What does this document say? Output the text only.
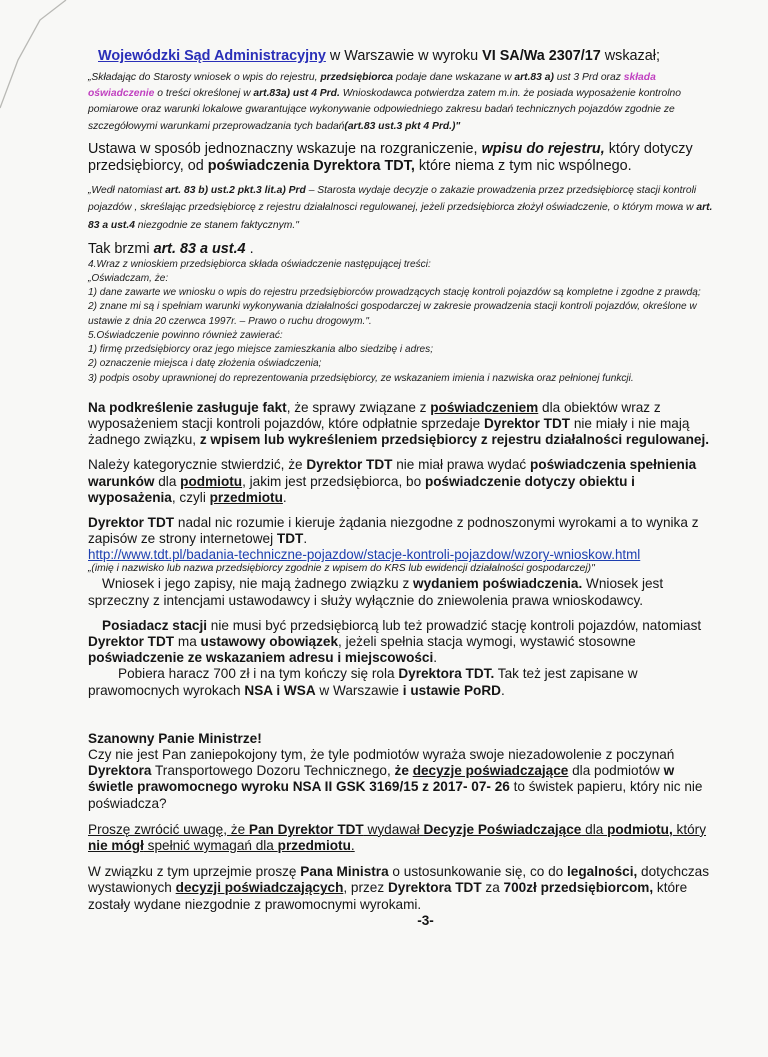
Wojewódzki Sąd Administracyjny w Warszawie w wyroku VI SA/Wa 2307/17 wskazał;

„Składając do Starosty wniosek o wpis do rejestru, przedsiębiorca podaje dane wskazane w art.83 a) ust 3 Prd oraz składa oświadczenie o treści określonej w art.83a) ust 4 Prd. Wnioskodawca potwierdza zatem m.in. że posiada wyposażenie kontrolno pomiarowe oraz warunki lokalowe gwarantujące wykonywanie odpowiedniego zakresu badań technicznych pojazdów zgodnie ze szczegółowymi warunkami przeprowadzania tych badań(art.83 ust.3 pkt 4 Prd.)"

Ustawa w sposób jednoznaczny wskazuje na rozgraniczenie, wpisu do rejestru, który dotyczy przedsiębiorcy, od poświadczenia Dyrektora TDT, które niema z tym nic wspólnego.

„Wedł natomiast art. 83 b) ust.2 pkt.3 lit.a) Prd – Starosta wydaje decyzje o zakazie prowadzenia przez przedsiębiorcę stacji kontroli pojazdów , skreślając przedsiębiorcę z rejestru działalnosci regulowanej, jeżeli przedsiębiorca złożył oświadczenie, o którym mowa w art. 83 a ust.4 niezgodnie ze stanem faktycznym."

Tak brzmi art. 83 a ust.4 .

4.Wraz z wnioskiem przedsiębiorca składa oświadczenie następującej treści:

„Oświadczam, że:

1) dane zawarte we wniosku o wpis do rejestru przedsiębiorców prowadzących stację kontroli pojazdów są kompletne i zgodne z prawdą;

2) znane mi są i spełniam warunki wykonywania działalności gospodarczej w zakresie prowadzenia stacji kontroli pojazdów, określone w ustawie z dnia 20 czerwca 1997r. – Prawo o ruchu drogowym.".

5.Oświadczenie powinno również zawierać:

1) firmę przedsiębiorcy oraz jego miejsce zamieszkania albo siedzibę i adres;

2) oznaczenie miejsca i datę złożenia oświadczenia;

3) podpis osoby uprawnionej do reprezentowania przedsiębiorcy, ze wskazaniem imienia i nazwiska oraz pełnionej funkcji.

Na podkreślenie zasługuje fakt, że sprawy związane z poświadczeniem dla obiektów wraz z wyposażeniem stacji kontroli pojazdów, które odpłatnie sprzedaje Dyrektor TDT nie miały i nie mają żadnego związku, z wpisem lub wykreśleniem przedsiębiorcy z rejestru działalności regulowanej.

Należy kategorycznie stwierdzić, że Dyrektor TDT nie miał prawa wydać poświadczenia spełnienia warunków dla podmiotu, jakim jest przedsiębiorca, bo poświadczenie dotyczy obiektu i wyposażenia, czyli przedmiotu.

Dyrektor TDT nadal nic rozumie i kieruje żądania niezgodne z podnoszonymi wyrokami a to wynika z zapisów ze strony internetowej TDT.

http://www.tdt.pl/badania-techniczne-pojazdow/stacje-kontroli-pojazdow/wzory-wnioskow.html

„(imię i nazwisko lub nazwa przedsiębiorcy zgodnie z wpisem do KRS lub ewidencji działalności gospodarczej)"

Wniosek i jego zapisy, nie mają żadnego związku z wydaniem poświadczenia. Wniosek jest sprzeczny z intencjami ustawodawcy i służy wyłącznie do zniewolenia prawa wnioskodawcy.

Posiadacz stacji nie musi być przedsiębiorcą lub też prowadzić stację kontroli pojazdów, natomiast Dyrektor TDT ma ustawowy obowiązek, jeżeli spełnia stacja wymogi, wystawić stosowne poświadczenie ze wskazaniem adresu i miejscowości.

Pobiera haracz 700 zł i na tym kończy się rola Dyrektora TDT. Tak też jest zapisane w prawomocnych wyrokach NSA i WSA w Warszawie i ustawie PoRD.

Szanowny Panie Ministrze!

Czy nie jest Pan zaniepokojony tym, że tyle podmiotów wyraża swoje niezadowolenie z poczynań Dyrektora Transportowego Dozoru Technicznego, że decyzje poświadczające dla podmiotów w świetle prawomocnego wyroku NSA II GSK 3169/15 z 2017- 07- 26 to świstek papieru, który nic nie poświadcza?

Proszę zwrócić uwagę, że Pan Dyrektor TDT wydawał Decyzje Poświadczające dla podmiotu, który nie mógł spełnić wymagań dla przedmiotu.

W związku z tym uprzejmie proszę Pana Ministra o ustosunkowanie się, co do legalności, dotychczas wystawionych decyzji poświadczających, przez Dyrektora TDT za 700zł przedsiębiorcom, które zostały wydane niezgodnie z prawomocnymi wyrokami.

-3-
